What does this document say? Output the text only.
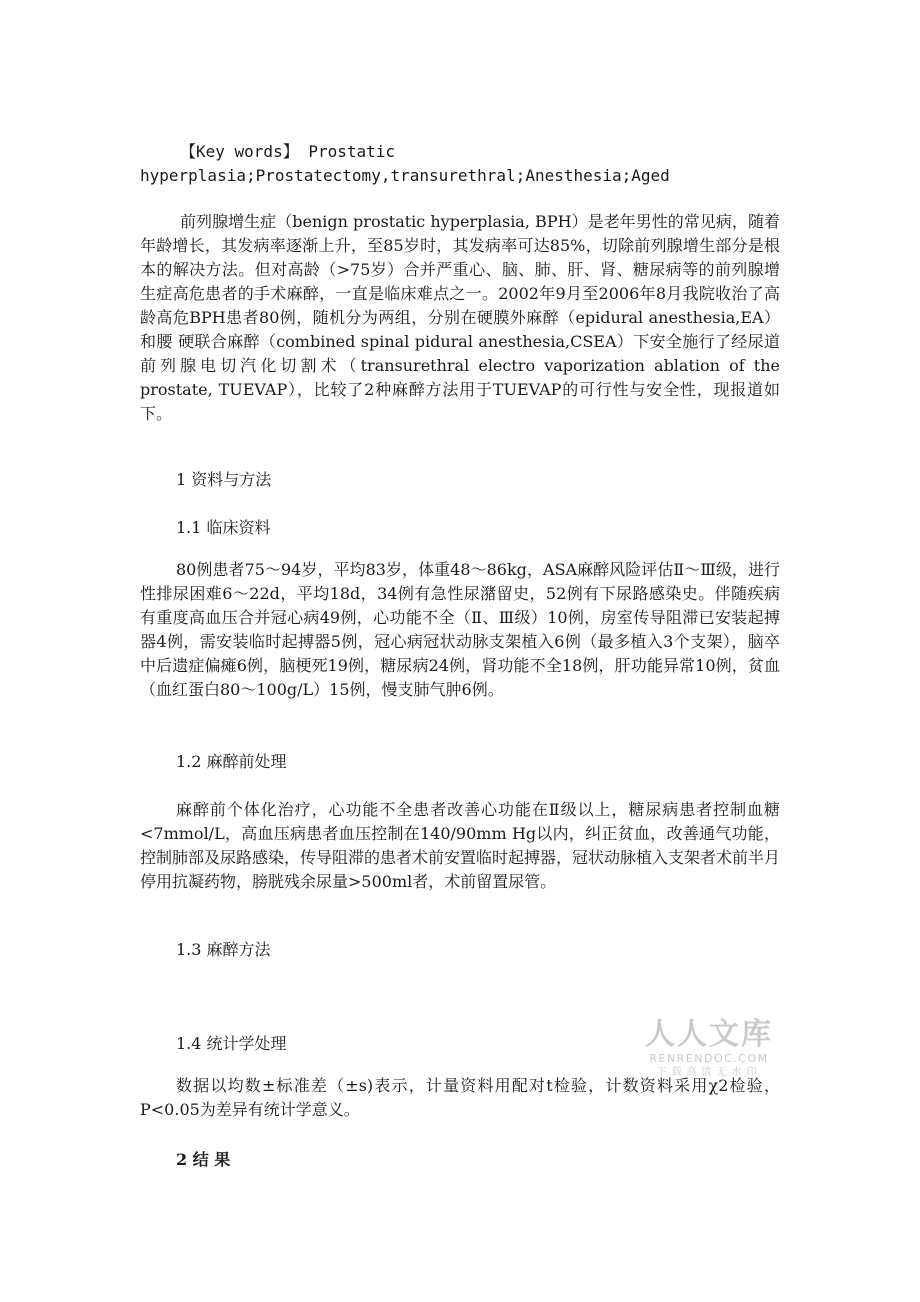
【Key words】 Prostatic
hyperplasia;Prostatectomy,transurethral;Anesthesia;Aged
前列腺增生症（benign prostatic hyperplasia, BPH）是老年男性的常见病，随着年龄增长，其发病率逐渐上升，至85岁时，其发病率可达85%，切除前列腺增生部分是根本的解决方法。但对高龄（>75岁）合并严重心、脑、肺、肝、肾、糖尿病等的前列腺增生症高危患者的手术麻醉，一直是临床难点之一。2002年9月至2006年8月我院收治了高龄高危BPH患者80例，随机分为两组，分别在硬膜外麻醉（epidural anesthesia,EA）和腰 硬联合麻醉（combined spinal pidural anesthesia,CSEA）下安全施行了经尿道前列腺电切汽化切割术（transurethral electro vaporization ablation of the prostate, TUEVAP），比较了2种麻醉方法用于TUEVAP的可行性与安全性，现报道如下。
1 资料与方法
1.1 临床资料
80例患者75～94岁，平均83岁，体重48～86kg，ASA麻醉风险评估Ⅱ～Ⅲ级，进行性排尿困难6～22d，平均18d，34例有急性尿潴留史，52例有下尿路感染史。伴随疾病有重度高血压合并冠心病49例，心功能不全（Ⅱ、Ⅲ级）10例，房室传导阻滞已安装起搏器4例，需安装临时起搏器5例，冠心病冠状动脉支架植入6例（最多植入3个支架），脑卒中后遗症偏瘫6例，脑梗死19例，糖尿病24例，肾功能不全18例，肝功能异常10例，贫血（血红蛋白80～100g/L）15例，慢支肺气肿6例。
1.2 麻醉前处理
麻醉前个体化治疗，心功能不全患者改善心功能在Ⅱ级以上，糖尿病患者控制血糖<7mmol/L，高血压病患者血压控制在140/90mm Hg以内，纠正贫血，改善通气功能，控制肺部及尿路感染，传导阻滞的患者术前安置临时起搏器，冠状动脉植入支架者术前半月停用抗凝药物，膀胱残余尿量>500ml者，术前留置尿管。
1.3 麻醉方法
1.4 统计学处理
数据以均数±标准差（±s)表示，计量资料用配对t检验，计数资料采用χ2检验，P<0.05为差异有统计学意义。
2 结 果
人人文库
RENRENDOC.COM
下载高清无水印
